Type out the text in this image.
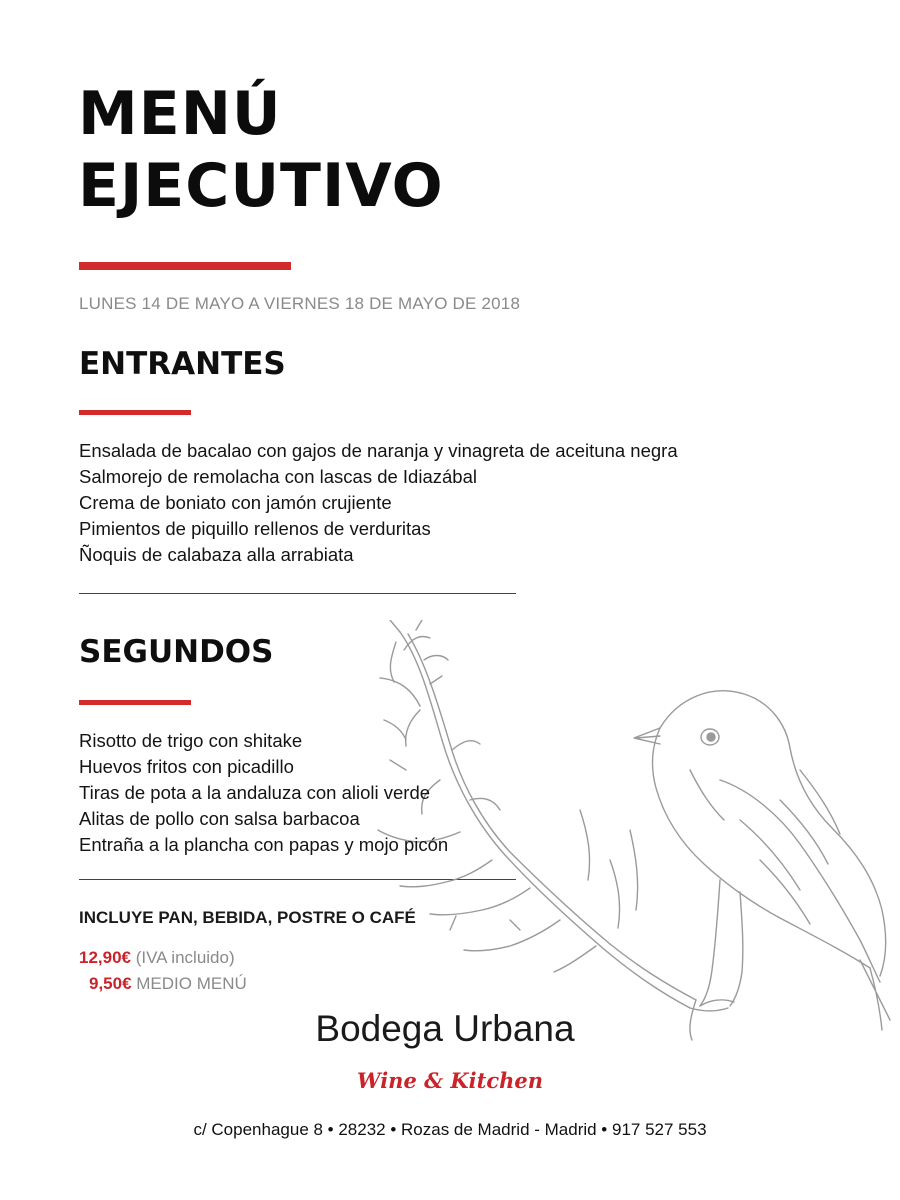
MENÚ
EJECUTIVO
LUNES 14 DE MAYO A VIERNES 18 DE MAYO DE 2018
ENTRANTES
Ensalada de bacalao con gajos de naranja y vinagreta de aceituna negra
Salmorejo de remolacha con lascas de Idiazábal
Crema de boniato con jamón crujiente
Pimientos de piquillo rellenos de verduritas
Ñoquis de calabaza alla arrabiata
SEGUNDOS
Risotto de trigo con shitake
Huevos fritos con picadillo
Tiras de pota a la andaluza con alioli verde
Alitas de pollo con salsa barbacoa
Entraña a la plancha con papas y mojo picón
INCLUYE PAN, BEBIDA, POSTRE O CAFÉ
12,90€ (IVA incluido)
9,50€ MEDIO MENÚ
Bodega Urbana
Wine & Kitchen
c/ Copenhague 8 • 28232 • Rozas de Madrid - Madrid • 917 527 553
